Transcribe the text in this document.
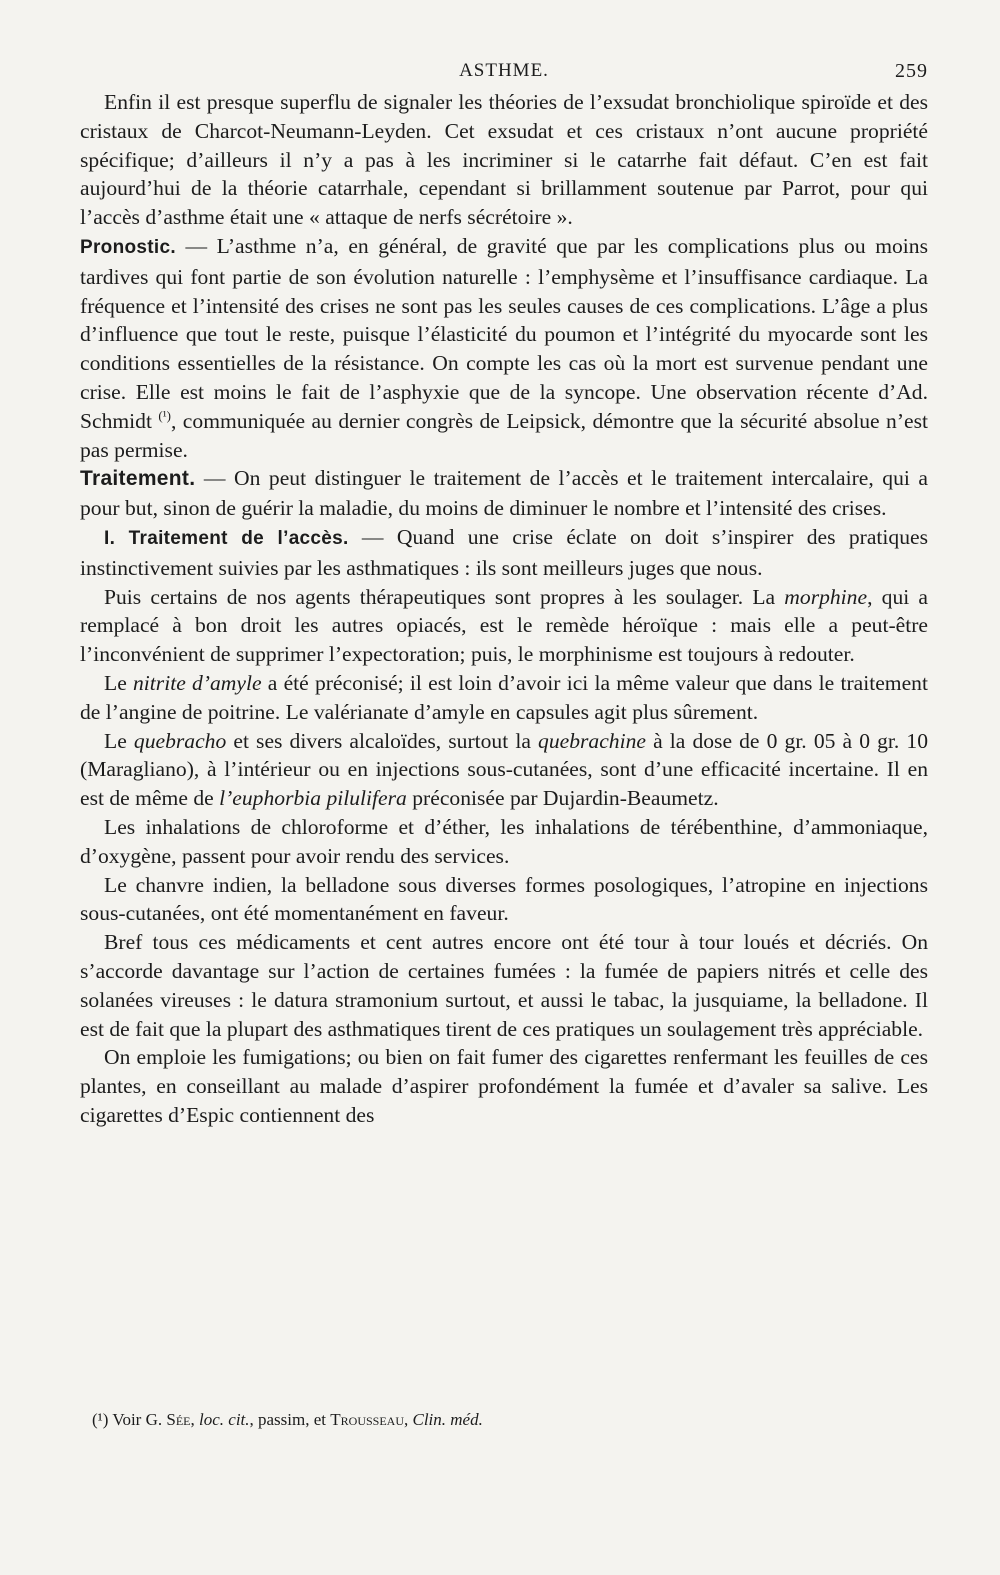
ASTHME.	259

Enfin il est presque superflu de signaler les théories de l’exsudat bronchiolique spiroïde et des cristaux de Charcot-Neumann-Leyden. Cet exsudat et ces cristaux n’ont aucune propriété spécifique; d’ailleurs il n’y a pas à les incriminer si le catarrhe fait défaut. C’en est fait aujourd’hui de la théorie catarrhale, cependant si brillamment soutenue par Parrot, pour qui l’accès d’asthme était une « attaque de nerfs sécrétoire ».

Pronostic. — L’asthme n’a, en général, de gravité que par les complications plus ou moins tardives qui font partie de son évolution naturelle : l’emphysème et l’insuffisance cardiaque. La fréquence et l’intensité des crises ne sont pas les seules causes de ces complications. L’âge a plus d’influence que tout le reste, puisque l’élasticité du poumon et l’intégrité du myocarde sont les conditions essentielles de la résistance. On compte les cas où la mort est survenue pendant une crise. Elle est moins le fait de l’asphyxie que de la syncope. Une observation récente d’Ad. Schmidt $^{(^1)}$, communiquée au dernier congrès de Leipsick, démontre que la sécurité absolue n’est pas permise.

Traitement. — On peut distinguer le traitement de l’accès et le traitement intercalaire, qui a pour but, sinon de guérir la maladie, du moins de diminuer le nombre et l’intensité des crises.

I. Traitement de l’accès. — Quand une crise éclate on doit s’inspirer des pratiques instinctivement suivies par les asthmatiques : ils sont meilleurs juges que nous.

Puis certains de nos agents thérapeutiques sont propres à les soulager. La morphine, qui a remplacé à bon droit les autres opiacés, est le remède héroïque : mais elle a peut-être l’inconvénient de supprimer l’expectoration; puis, le morphinisme est toujours à redouter.

Le nitrite d’amyle a été préconisé; il est loin d’avoir ici la même valeur que dans le traitement de l’angine de poitrine. Le valérianate d’amyle en capsules agit plus sûrement.

Le quebracho et ses divers alcaloïdes, surtout la quebrachine à la dose de 0 gr. 05 à 0 gr. 10 (Maragliano), à l’intérieur ou en injections sous-cutanées, sont d’une efficacité incertaine. Il en est de même de l’euphorbia pilulifera préconisée par Dujardin-Beaumetz.

Les inhalations de chloroforme et d’éther, les inhalations de térébenthine, d’ammoniaque, d’oxygène, passent pour avoir rendu des services.

Le chanvre indien, la belladone sous diverses formes posologiques, l’atropine en injections sous-cutanées, ont été momentanément en faveur.

Bref tous ces médicaments et cent autres encore ont été tour à tour loués et décriés. On s’accorde davantage sur l’action de certaines fumées : la fumée de papiers nitrés et celle des solanées vireuses : le datura stramonium surtout, et aussi le tabac, la jusquiame, la belladone. Il est de fait que la plupart des asthmatiques tirent de ces pratiques un soulagement très appréciable.

On emploie les fumigations; ou bien on fait fumer des cigarettes renfermant les feuilles de ces plantes, en conseillant au malade d’aspirer profondément la fumée et d’avaler sa salive. Les cigarettes d’Espic contiennent des

(¹) Voir G. Sée, loc. cit., passim, et Trousseau, Clin. méd.
